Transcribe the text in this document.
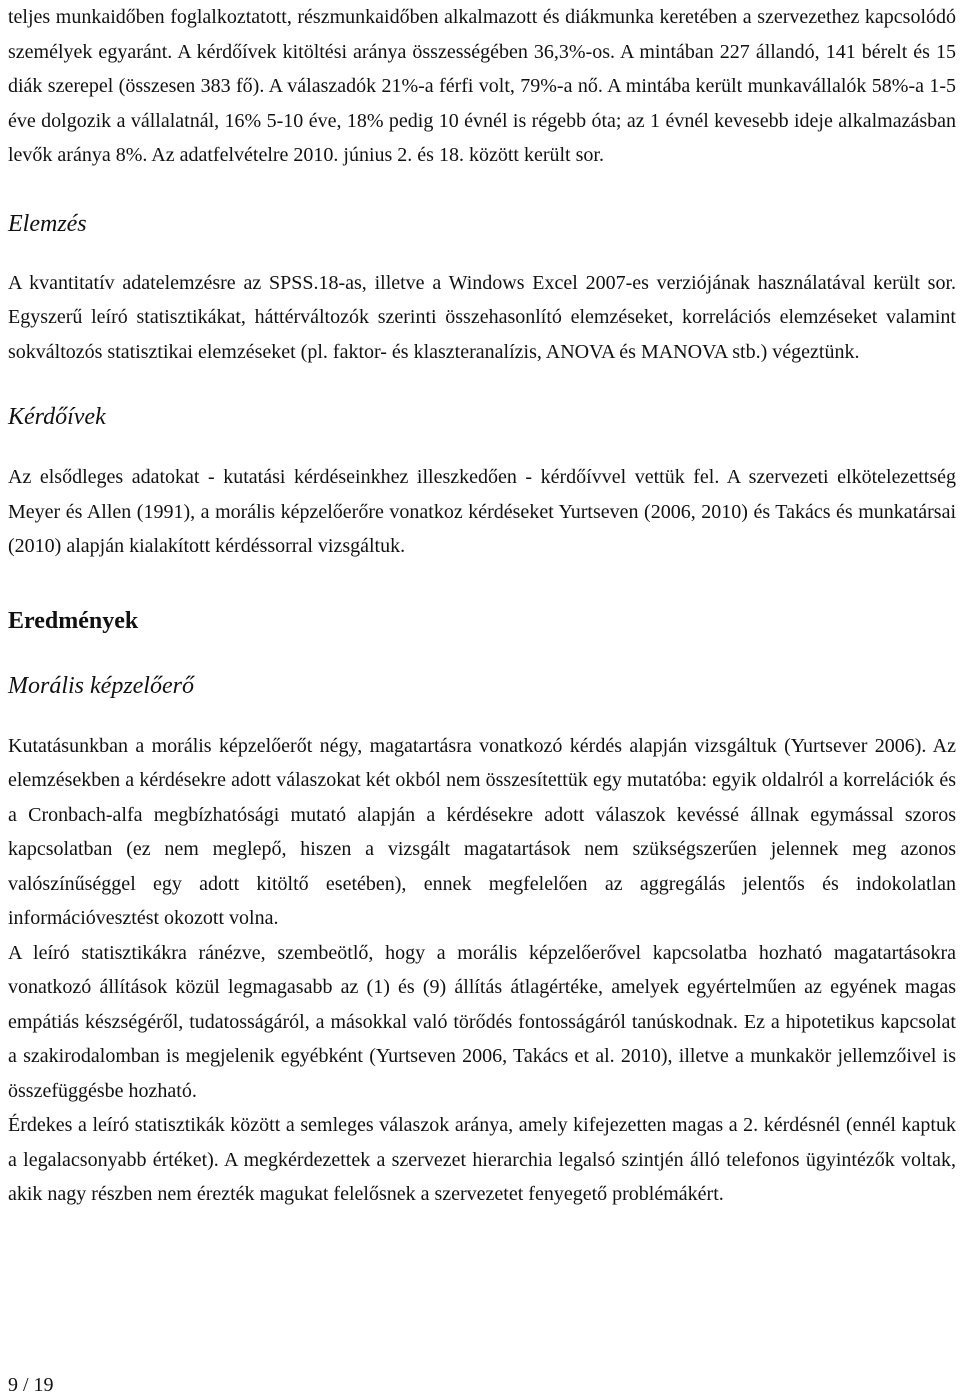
teljes munkaidőben foglalkoztatott, részmunkaidőben alkalmazott és diákmunka keretében a szervezethez kapcsolódó személyek egyaránt. A kérdőívek kitöltési aránya összességében 36,3%-os. A mintában 227 állandó, 141 bérelt és 15 diák szerepel (összesen 383 fő). A válaszadók 21%-a férfi volt, 79%-a nő. A mintába került munkavállalók 58%-a 1-5 éve dolgozik a vállalatnál, 16% 5-10 éve, 18% pedig 10 évnél is régebb óta; az 1 évnél kevesebb ideje alkalmazásban levők aránya 8%. Az adatfelvételre 2010. június 2. és 18. között került sor.

Elemzés

A kvantitatív adatelemzésre az SPSS.18-as, illetve a Windows Excel 2007-es verziójának használatával került sor. Egyszerű leíró statisztikákat, háttérváltozók szerinti összehasonlító elemzéseket, korrelációs elemzéseket valamint sokváltozós statisztikai elemzéseket (pl. faktor- és klaszteranalízis, ANOVA és MANOVA stb.) végeztünk.

Kérdőívek

Az elsődleges adatokat - kutatási kérdéseinkhez illeszkedően - kérdőívvel vettük fel. A szervezeti elkötelezettség Meyer és Allen (1991), a morális képzelőerőre vonatkoz kérdéseket Yurtseven (2006, 2010) és Takács és munkatársai (2010) alapján kialakított kérdéssorral vizsgáltuk.

Eredmények
Morális képzelőerő

Kutatásunkban a morális képzelőerőt négy, magatartásra vonatkozó kérdés alapján vizsgáltuk (Yurtsever 2006). Az elemzésekben a kérdésekre adott válaszokat két okból nem összesítettük egy mutatóba: egyik oldalról a korrelációk és a Cronbach-alfa megbízhatósági mutató alapján a kérdésekre adott válaszok kevéssé állnak egymással szoros kapcsolatban (ez nem meglepő, hiszen a vizsgált magatartások nem szükségszerűen jelennek meg azonos valószínűséggel egy adott kitöltő esetében), ennek megfelelően az aggregálás jelentős és indokolatlan információvesztést okozott volna.

A leíró statisztikákra ránézve, szembeötlő, hogy a morális képzelőerővel kapcsolatba hozható magatartásokra vonatkozó állítások közül legmagasabb az (1) és (9) állítás átlagértéke, amelyek egyértelműen az egyének magas empátiás készségéről, tudatosságáról, a másokkal való törődés fontosságáról tanúskodnak. Ez a hipotetikus kapcsolat a szakirodalomban is megjelenik egyébként (Yurtseven 2006, Takács et al. 2010), illetve a munkakör jellemzőivel is összefüggésbe hozható.

Érdekes a leíró statisztikák között a semleges válaszok aránya, amely kifejezetten magas a 2. kérdésnél (ennél kaptuk a legalacsonyabb értéket). A megkérdezettek a szervezet hierarchia legalsó szintjén álló telefonos ügyintézők voltak, akik nagy részben nem érezték magukat felelősnek a szervezetet fenyegető problémákért.

9 / 19
